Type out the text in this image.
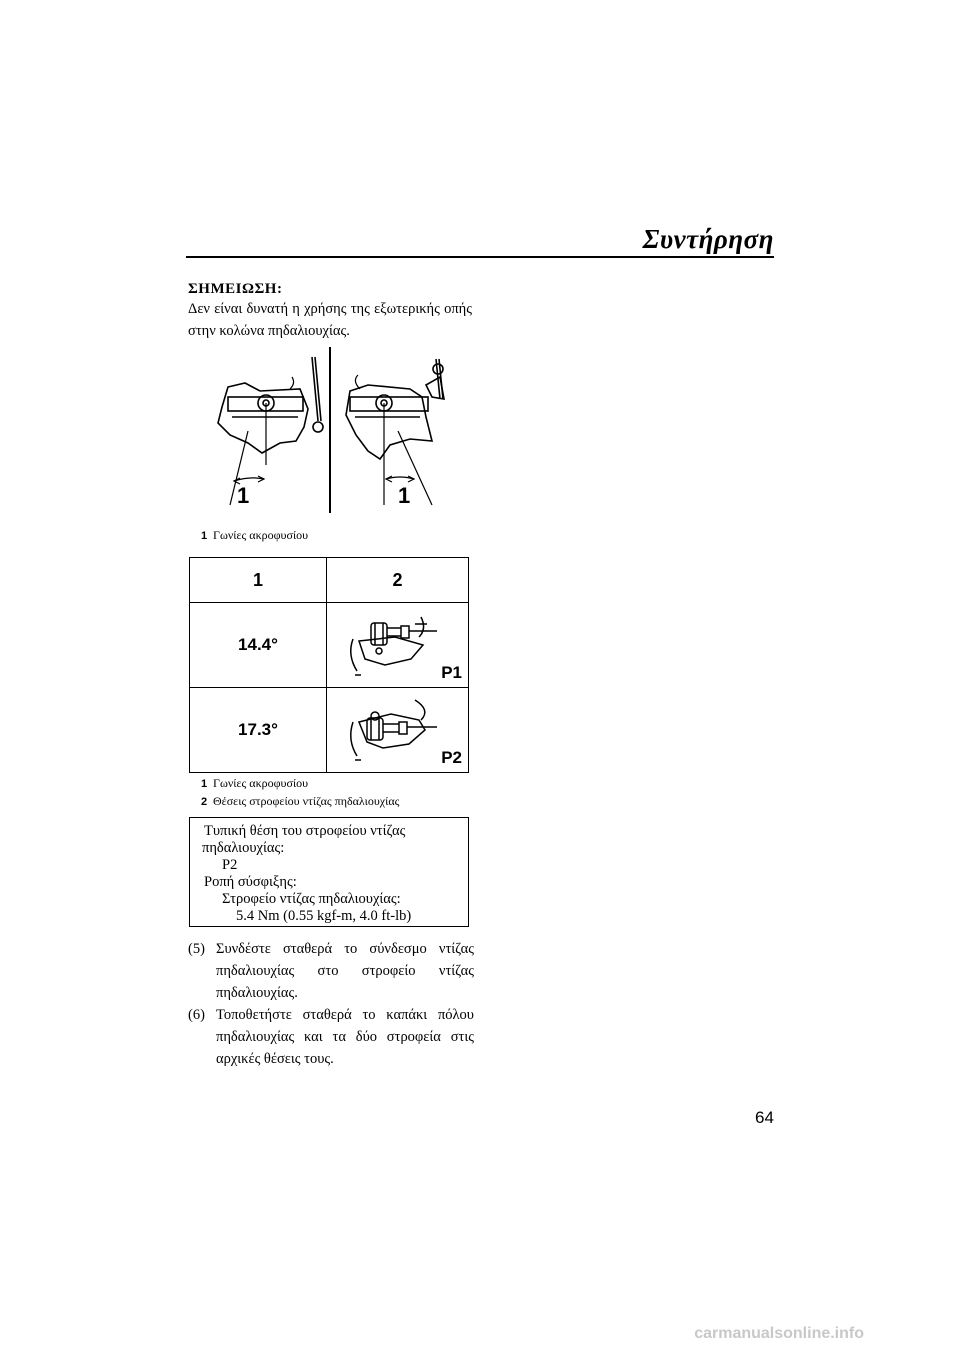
Συντήρηση
ΣΗΜΕΙΩΣΗ:
Δεν είναι δυνατή η χρήσης της εξωτερικής οπής στην κολώνα πηδαλιουχίας.
1	1
1 Γωνίες ακροφυσίου
1	2
14.4°	P1

17.3°	P2
1 Γωνίες ακροφυσίου
2 Θέσεις στροφείου ντίζας πηδαλιουχίας
Τυπική θέση του στροφείου ντίζας
πηδαλιουχίας:
P2
Ροπή σύσφιξης:
Στροφείο ντίζας πηδαλιουχίας:
5.4 Nm (0.55 kgf-m, 4.0 ft-lb)
(5) Συνδέστε σταθερά το σύνδεσμο ντίζας πηδαλιουχίας στο στροφείο ντίζας πηδαλιουχίας.
(6) Τοποθετήστε σταθερά το καπάκι πόλου πηδαλιουχίας και τα δύο στροφεία στις αρχικές θέσεις τους.
64
carmanualsonline.info
